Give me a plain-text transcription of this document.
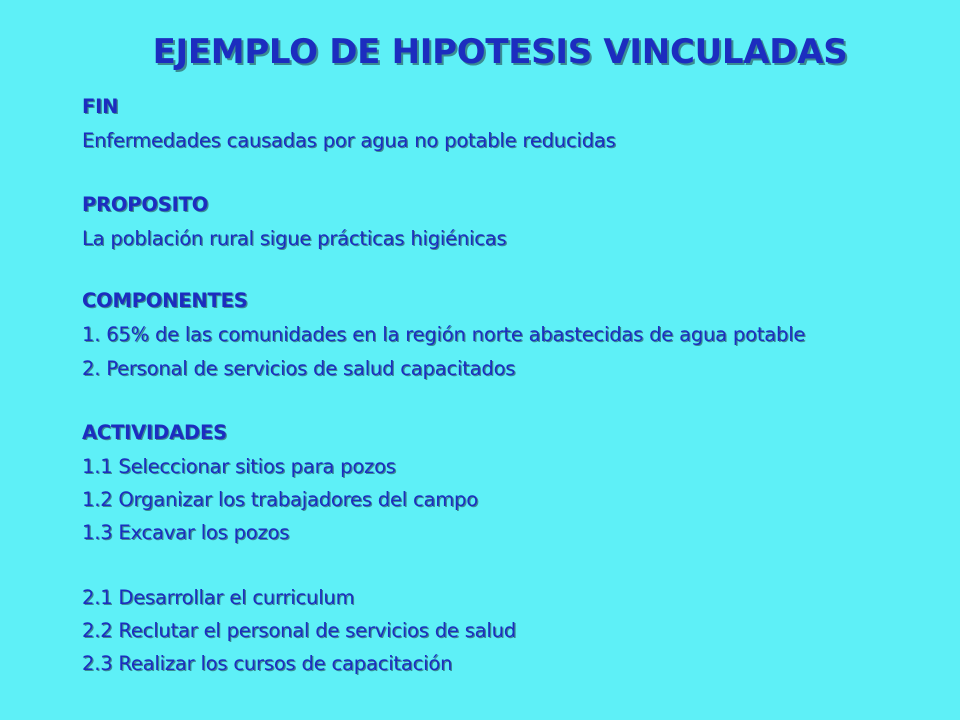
EJEMPLO DE HIPOTESIS VINCULADAS
FIN
Enfermedades causadas por agua no potable reducidas
PROPOSITO
La población rural sigue prácticas higiénicas
COMPONENTES
1. 65% de las comunidades en la región norte abastecidas de agua potable
2. Personal de servicios de salud capacitados
ACTIVIDADES
1.1 Seleccionar sitios para pozos
1.2 Organizar los trabajadores del campo
1.3 Excavar los pozos
2.1 Desarrollar el curriculum
2.2 Reclutar el personal de servicios de salud
2.3 Realizar los cursos de capacitación
